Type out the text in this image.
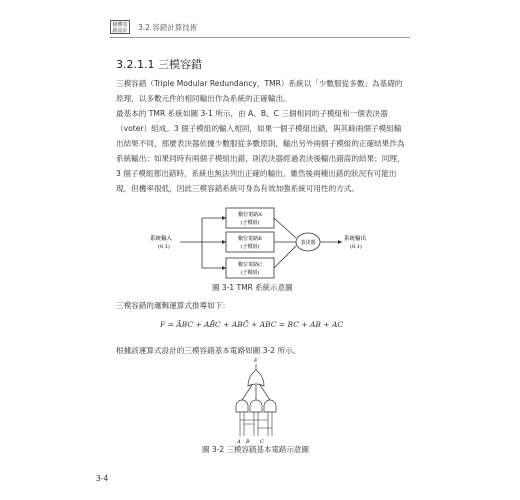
積體電
路設計 3.2 容錯計算技術
3.2.1.1 三模容錯

三模容錯（Triple Modular Redundancy，TMR）系統以「少數服從多數」為基礎的原理，以多數元件的相同輸出作為系統的正確輸出。

最基本的 TMR 系統如圖 3-1 所示，由 A、B、C 三個相同的子模組和一個表決器（voter）組成。3 個子模組的輸入相同，如果一個子模組出錯，與其餘兩個子模組輸出結果不同，那麼表決器依據少數服從多數原則，輸出另外兩個子模組的正確結果作為系統輸出；如果同時有兩個子模組出錯，則表決器經過表決後輸出錯誤的結果；同理，3 個子模組都出錯時，系統也無法列出正確的輸出。雖然後兩種出錯的狀況有可能出現，但機率很低，因此三模容錯系統可身為有效加強系統可用性的方式。

系統輸入
(0,1)
數位電路A
(子模組)
數位電路B
(子模組)
數位電路C
(子模組)
表決器
系統輸出
(0,1)
圖 3-1 TMR 系統示意圖

三模容錯的邏輯運算式推導如下：

F = ĀBC + AB̄C + ABC̄ + ABC = BC + AB + AC

根據該運算式設計的三模容錯基本電路如圖 3-2 所示。

F
A B C
圖 3-2 三模容錯基本電路示意圖
3-4
